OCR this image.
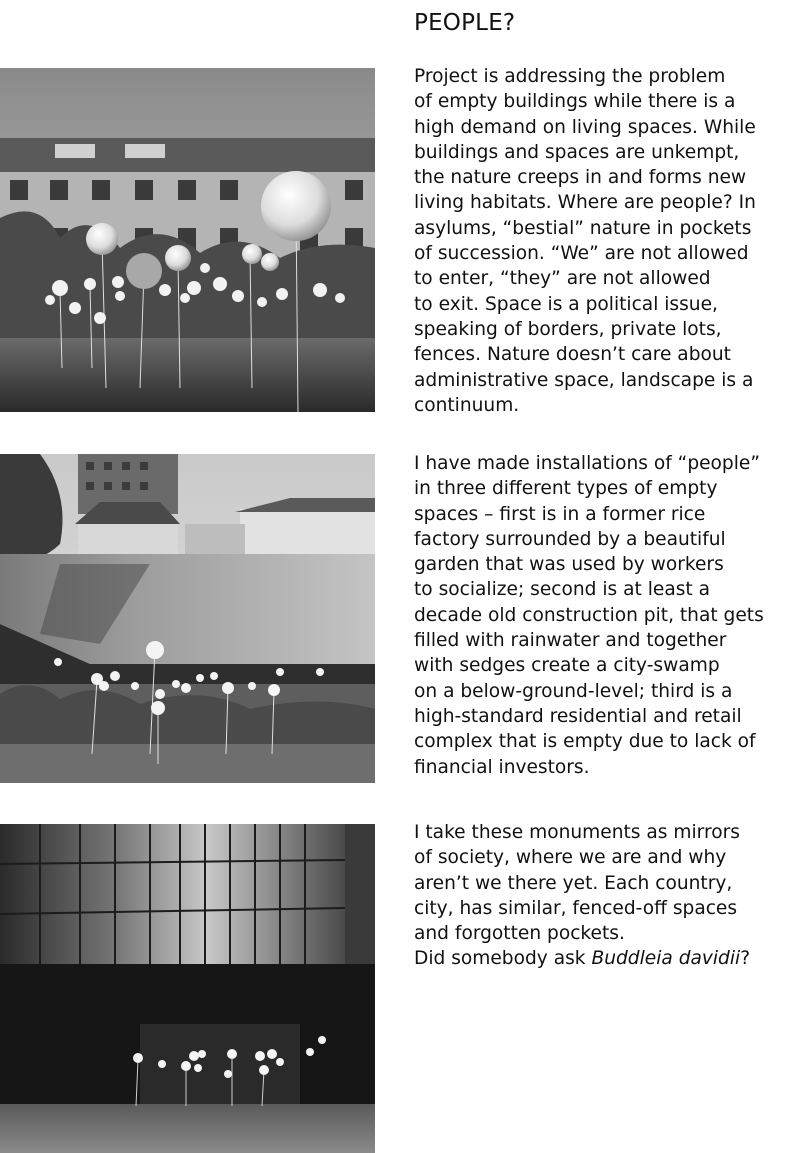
PEOPLE?

Project is addressing the problem
of empty buildings while there is a
high demand on living spaces. While
buildings and spaces are unkempt,
the nature creeps in and forms new
living habitats. Where are people? In
asylums, “bestial” nature in pockets
of succession. “We” are not allowed
to enter, “they” are not allowed
to exit. Space is a political issue,
speaking of borders, private lots,
fences. Nature doesn’t care about
administrative space, landscape is a
continuum.

I have made installations of “people”
in three different types of empty
spaces – first is in a former rice
factory surrounded by a beautiful
garden that was used by workers
to socialize; second is at least a
decade old construction pit, that gets
filled with rainwater and together
with sedges create a city-swamp
on a below-ground-level; third is a
high-standard residential and retail
complex that is empty due to lack of
financial investors.

I take these monuments as mirrors
of society, where we are and why
aren’t we there yet. Each country,
city, has similar, fenced-off spaces
and forgotten pockets.
Did somebody ask Buddleia davidii?
